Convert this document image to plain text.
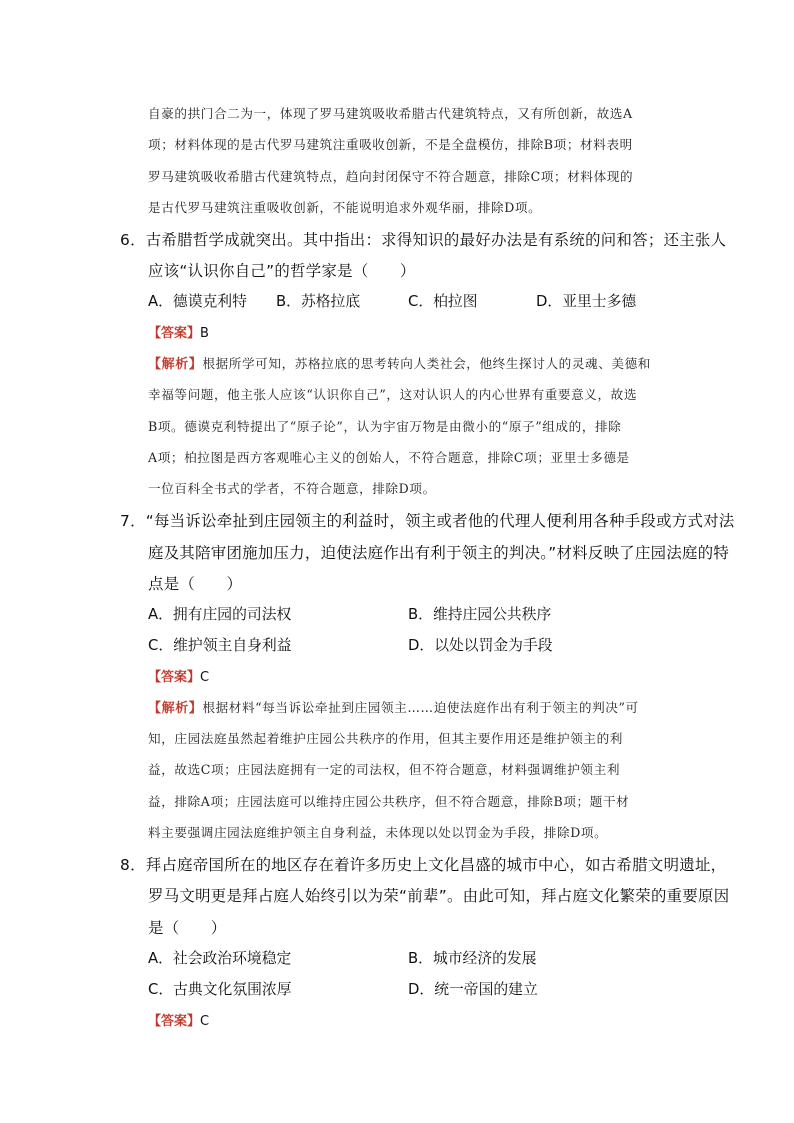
自豪的拱门合二为一，体现了罗马建筑吸收希腊古代建筑特点，又有所创新，故选A
项；材料体现的是古代罗马建筑注重吸收创新，不是全盘模仿，排除B项；材料表明
罗马建筑吸收希腊古代建筑特点，趋向封闭保守不符合题意，排除C项；材料体现的
是古代罗马建筑注重吸收创新，不能说明追求外观华丽，排除D项。
6．古希腊哲学成就突出。其中指出：求得知识的最好办法是有系统的问和答；还主张人
应该“认识你自己”的哲学家是（　　）
A．德谟克利特 B．苏格拉底	C．柏拉图	D．亚里士多德
【答案】B
【解析】根据所学可知，苏格拉底的思考转向人类社会，他终生探讨人的灵魂、美德和
幸福等问题，他主张人应该“认识你自己”，这对认识人的内心世界有重要意义，故选
B项。德谟克利特提出了“原子论”，认为宇宙万物是由微小的“原子”组成的，排除
A项；柏拉图是西方客观唯心主义的创始人，不符合题意，排除C项；亚里士多德是
一位百科全书式的学者，不符合题意，排除D项。
7．“每当诉讼牵扯到庄园领主的利益时，领主或者他的代理人便利用各种手段或方式对法
庭及其陪审团施加压力，迫使法庭作出有利于领主的判决。”材料反映了庄园法庭的特
点是（　　）
A．拥有庄园的司法权	B．维持庄园公共秩序
C．维护领主自身利益	D．以处以罚金为手段
【答案】C
【解析】根据材料“每当诉讼牵扯到庄园领主……迫使法庭作出有利于领主的判决”可
知，庄园法庭虽然起着维护庄园公共秩序的作用，但其主要作用还是维护领主的利
益，故选C项；庄园法庭拥有一定的司法权，但不符合题意，材料强调维护领主利
益，排除A项；庄园法庭可以维持庄园公共秩序，但不符合题意，排除B项；题干材
料主要强调庄园法庭维护领主自身利益，未体现以处以罚金为手段，排除D项。
8．拜占庭帝国所在的地区存在着许多历史上文化昌盛的城市中心，如古希腊文明遗址，
罗马文明更是拜占庭人始终引以为荣“前辈”。由此可知，拜占庭文化繁荣的重要原因
是（　　）
A．社会政治环境稳定	B．城市经济的发展
C．古典文化氛围浓厚	D．统一帝国的建立
【答案】C
